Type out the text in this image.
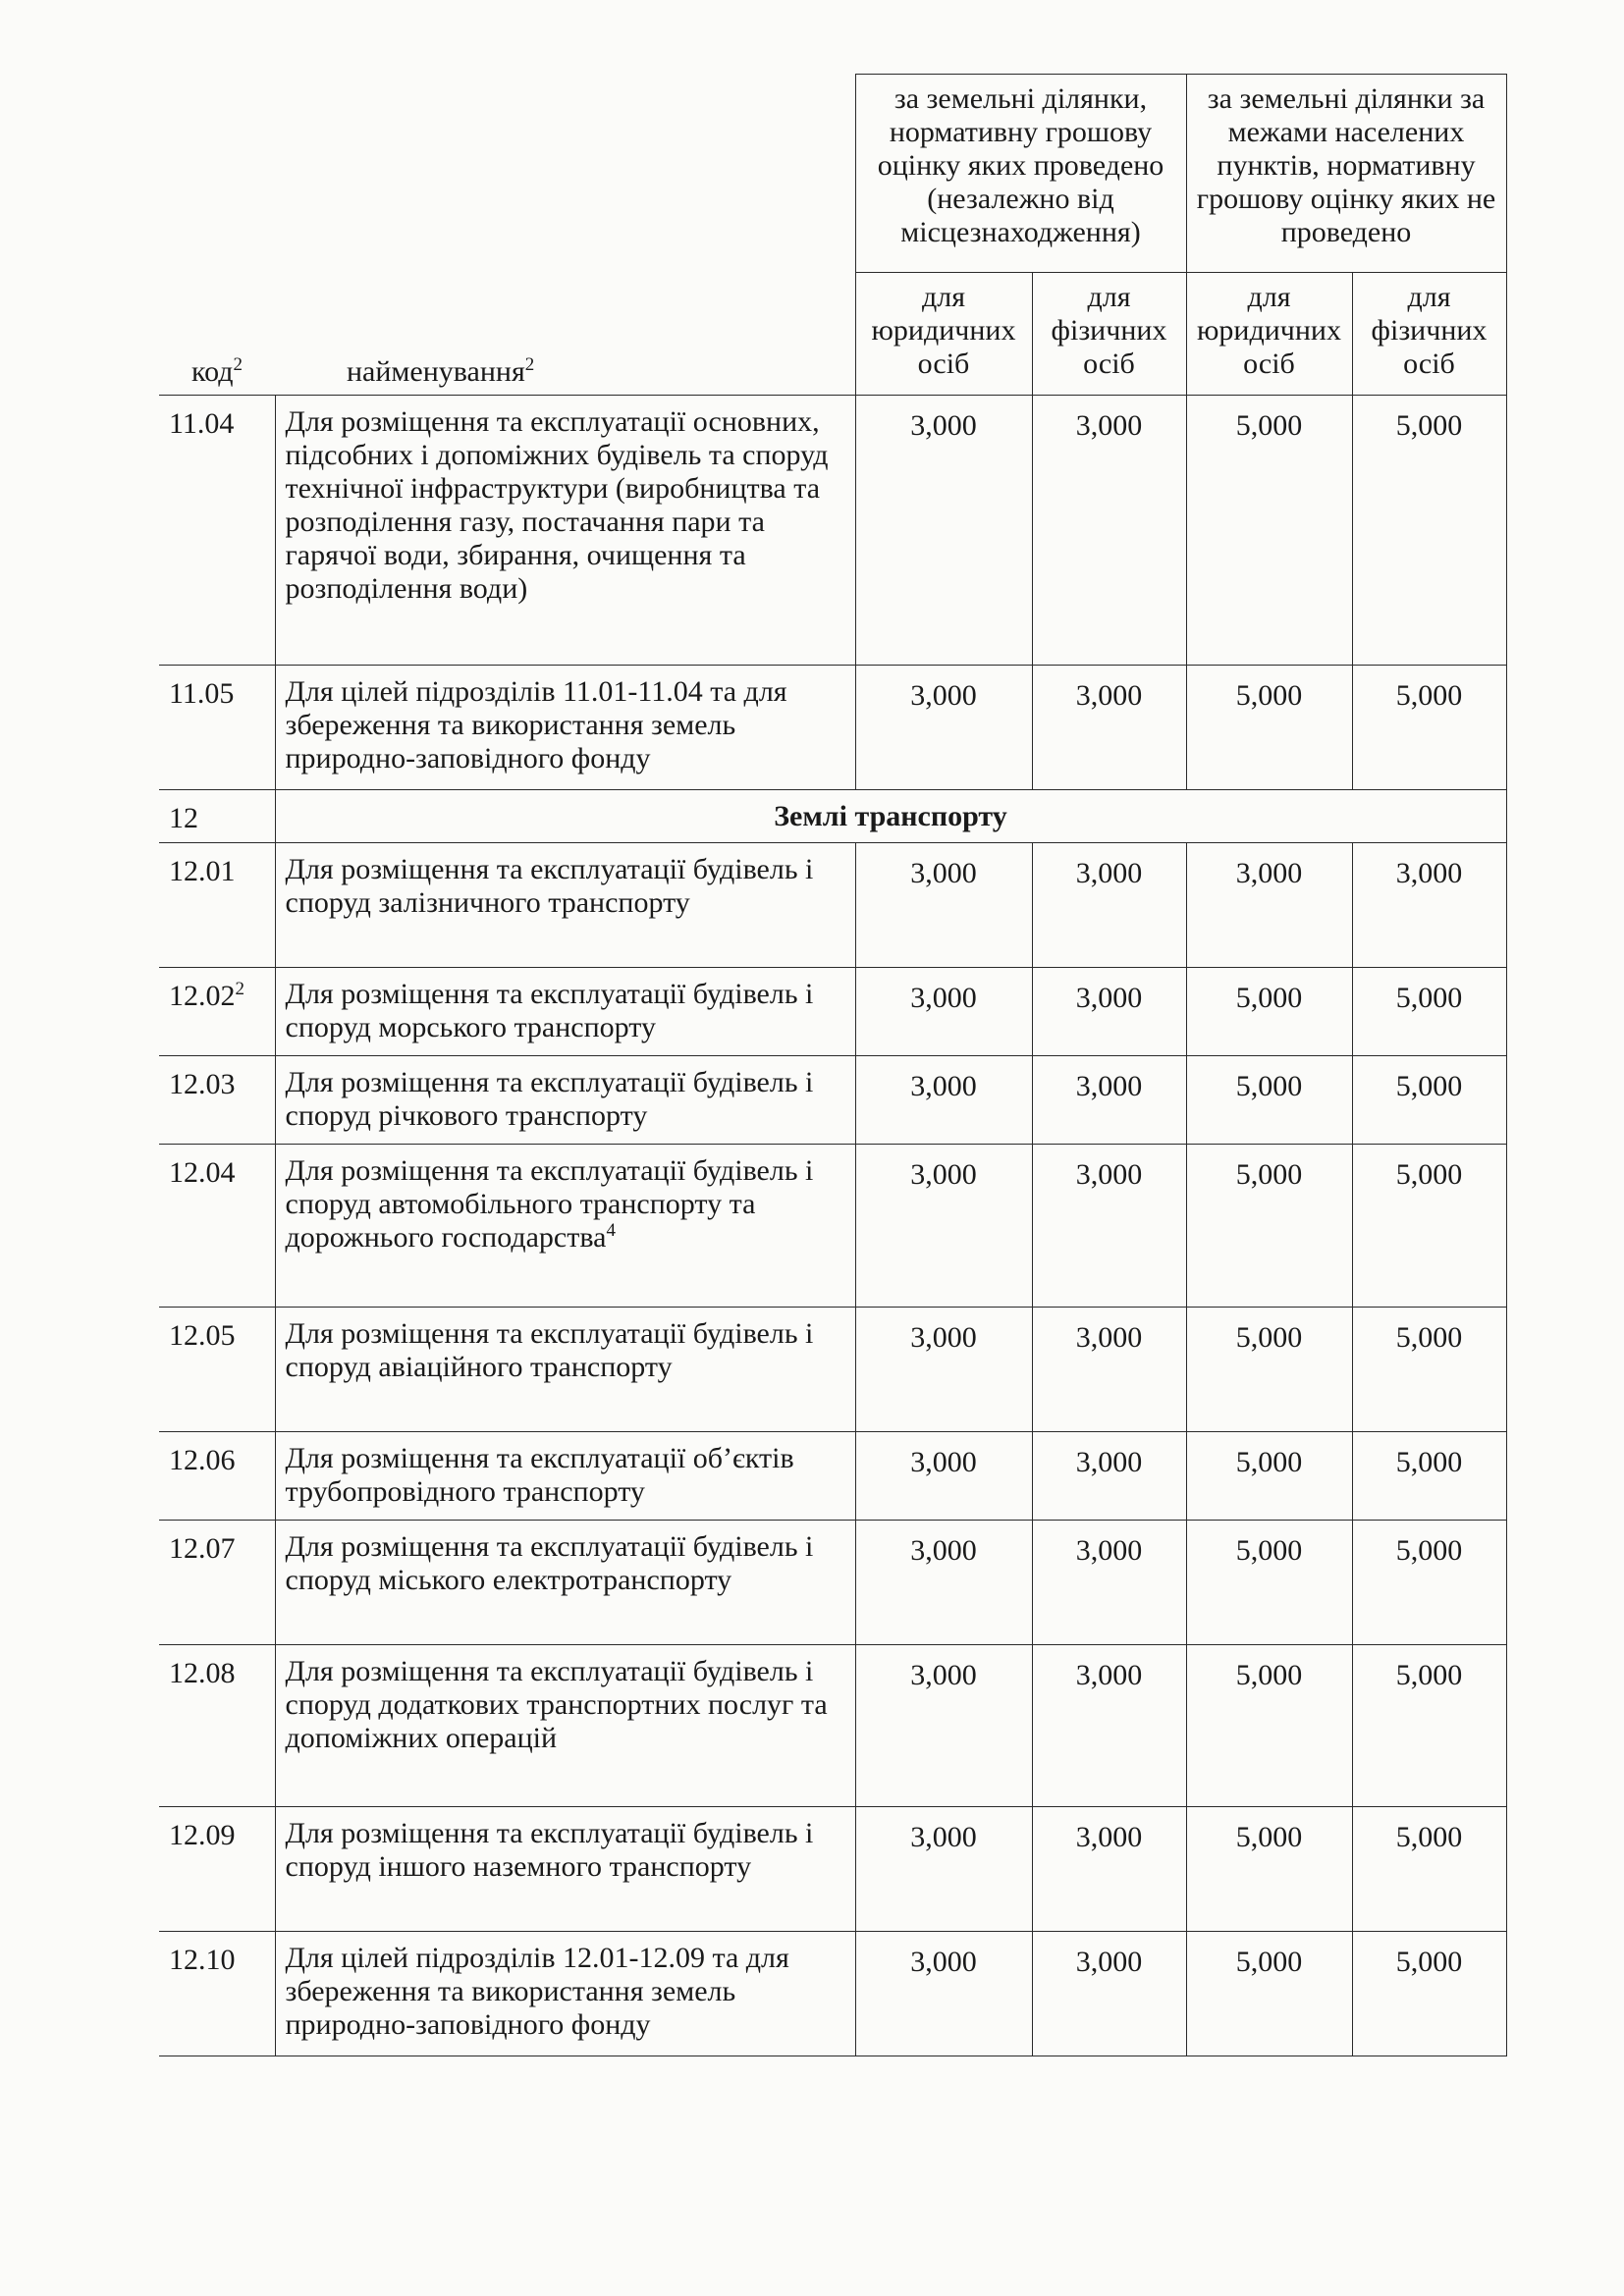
код$^2$ найменування$^2$		за земельні ділянки, нормативну грошову оцінку яких проведено (незалежно від місцезнаходження)		за земельні ділянки за межами населених пунктів, нормативну грошову оцінку яких не проведено	
		для юридичних осіб	для фізичних осіб	для юридичних осіб	для фізичних осіб
11.04	Для розміщення та експлуатації основних, підсобних і допоміжних будівель та споруд технічної інфраструктури (виробництва та розподілення газу, постачання пари та гарячої води, збирання, очищення та розподілення води)	3,000	3,000	5,000	5,000
11.05	Для цілей підрозділів 11.01-11.04 та для збереження та використання земель природно-заповідного фонду	3,000	3,000	5,000	5,000
12	Землі транспорту				
12.01	Для розміщення та експлуатації будівель і споруд залізничного транспорту	3,000	3,000	3,000	3,000
12.02$^2$	Для розміщення та експлуатації будівель і споруд морського транспорту	3,000	3,000	5,000	5,000
12.03	Для розміщення та експлуатації будівель і споруд річкового транспорту	3,000	3,000	5,000	5,000
12.04	Для розміщення та експлуатації будівель і споруд автомобільного транспорту та дорожнього господарства$^4$	3,000	3,000	5,000	5,000
12.05	Для розміщення та експлуатації будівель і споруд авіаційного транспорту	3,000	3,000	5,000	5,000
12.06	Для розміщення та експлуатації об’єктів трубопровідного транспорту	3,000	3,000	5,000	5,000
12.07	Для розміщення та експлуатації будівель і споруд міського електротранспорту	3,000	3,000	5,000	5,000
12.08	Для розміщення та експлуатації будівель і споруд додаткових транспортних послуг та допоміжних операцій	3,000	3,000	5,000	5,000
12.09	Для розміщення та експлуатації будівель і споруд іншого наземного транспорту	3,000	3,000	5,000	5,000
12.10	Для цілей підрозділів 12.01-12.09 та для збереження та використання земель природно-заповідного фонду	3,000	3,000	5,000	5,000
